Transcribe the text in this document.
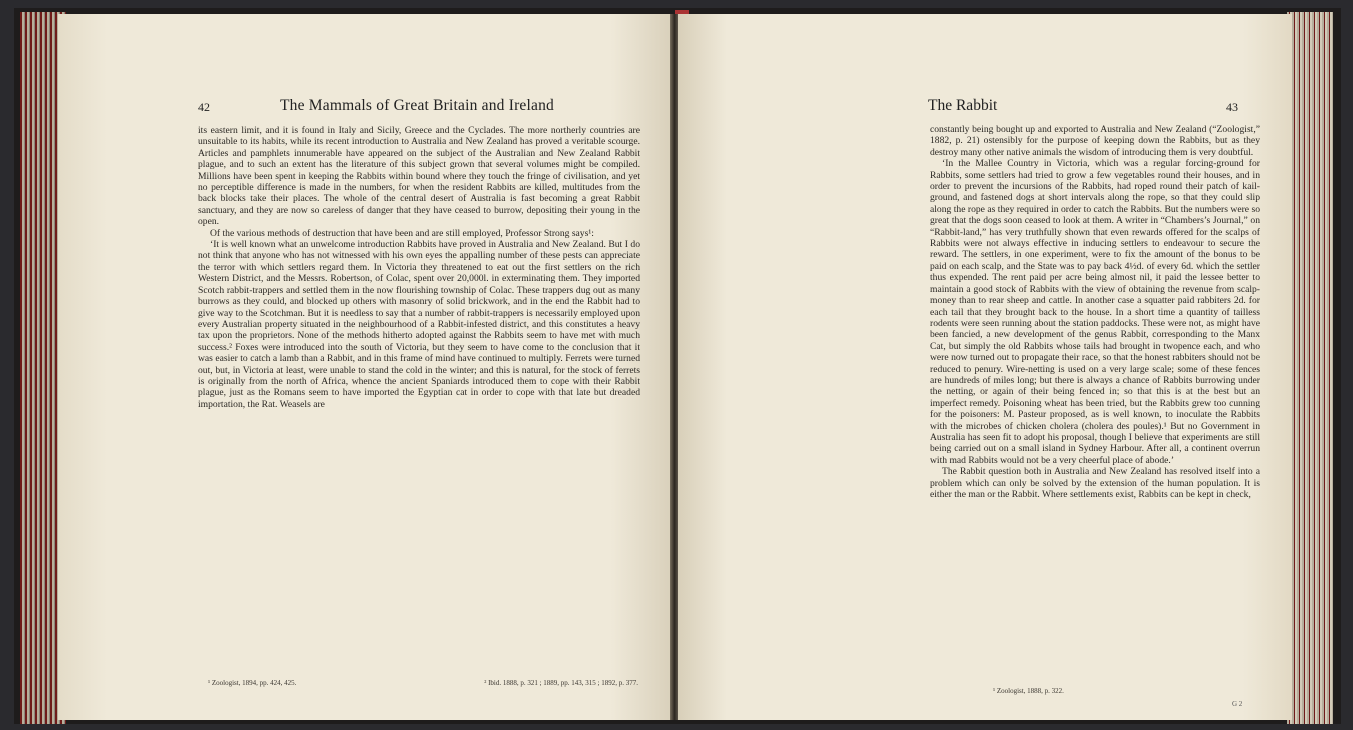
42	The Mammals of Great Britain and Ireland

its eastern limit, and it is found in Italy and Sicily, Greece and the Cyclades. The more northerly countries are unsuitable to its habits, while its recent introduction to Australia and New Zealand has proved a veritable scourge. Articles and pamphlets innumerable have appeared on the subject of the Australian and New Zealand Rabbit plague, and to such an extent has the literature of this subject grown that several volumes might be compiled. Millions have been spent in keeping the Rabbits within bound where they touch the fringe of civilisation, and yet no perceptible difference is made in the numbers, for when the resident Rabbits are killed, multitudes from the back blocks take their places. The whole of the central desert of Australia is fast becoming a great Rabbit sanctuary, and they are now so careless of danger that they have ceased to burrow, depositing their young in the open.

Of the various methods of destruction that have been and are still employed, Professor Strong says¹:

‘It is well known what an unwelcome introduction Rabbits have proved in Australia and New Zealand. But I do not think that anyone who has not witnessed with his own eyes the appalling number of these pests can appreciate the terror with which settlers regard them. In Victoria they threatened to eat out the first settlers on the rich Western District, and the Messrs. Robertson, of Colac, spent over 20,000l. in exterminating them. They imported Scotch rabbit-trappers and settled them in the now flourishing township of Colac. These trappers dug out as many burrows as they could, and blocked up others with masonry of solid brickwork, and in the end the Rabbit had to give way to the Scotchman. But it is needless to say that a number of rabbit-trappers is necessarily employed upon every Australian property situated in the neighbourhood of a Rabbit-infested district, and this constitutes a heavy tax upon the proprietors. None of the methods hitherto adopted against the Rabbits seem to have met with much success.² Foxes were introduced into the south of Victoria, but they seem to have come to the conclusion that it was easier to catch a lamb than a Rabbit, and in this frame of mind have continued to multiply. Ferrets were turned out, but, in Victoria at least, were unable to stand the cold in the winter; and this is natural, for the stock of ferrets is originally from the north of Africa, whence the ancient Spaniards introduced them to cope with their Rabbit plague, just as the Romans seem to have imported the Egyptian cat in order to cope with that late but dreaded importation, the Rat. Weasels are

¹ Zoologist, 1894, pp. 424, 425.	² Ibid. 1888, p. 321 ; 1889, pp. 143, 315 ; 1892, p. 377.
The Rabbit	43

constantly being bought up and exported to Australia and New Zealand (“Zoologist,” 1882, p. 21) ostensibly for the purpose of keeping down the Rabbits, but as they destroy many other native animals the wisdom of introducing them is very doubtful.

‘In the Mallee Country in Victoria, which was a regular forcing-ground for Rabbits, some settlers had tried to grow a few vegetables round their houses, and in order to prevent the incursions of the Rabbits, had roped round their patch of kail-ground, and fastened dogs at short intervals along the rope, so that they could slip along the rope as they required in order to catch the Rabbits. But the numbers were so great that the dogs soon ceased to look at them. A writer in “Chambers’s Journal,” on “Rabbit-land,” has very truthfully shown that even rewards offered for the scalps of Rabbits were not always effective in inducing settlers to endeavour to secure the reward. The settlers, in one experiment, were to fix the amount of the bonus to be paid on each scalp, and the State was to pay back 4½d. of every 6d. which the settler thus expended. The rent paid per acre being almost nil, it paid the lessee better to maintain a good stock of Rabbits with the view of obtaining the revenue from scalp-money than to rear sheep and cattle. In another case a squatter paid rabbiters 2d. for each tail that they brought back to the house. In a short time a quantity of tailless rodents were seen running about the station paddocks. These were not, as might have been fancied, a new development of the genus Rabbit, corresponding to the Manx Cat, but simply the old Rabbits whose tails had brought in twopence each, and who were now turned out to propagate their race, so that the honest rabbiters should not be reduced to penury. Wire-netting is used on a very large scale; some of these fences are hundreds of miles long; but there is always a chance of Rabbits burrowing under the netting, or again of their being fenced in; so that this is at the best but an imperfect remedy. Poisoning wheat has been tried, but the Rabbits grew too cunning for the poisoners: M. Pasteur proposed, as is well known, to inoculate the Rabbits with the microbes of chicken cholera (cholera des poules).¹ But no Government in Australia has seen fit to adopt his proposal, though I believe that experiments are still being carried out on a small island in Sydney Harbour. After all, a continent overrun with mad Rabbits would not be a very cheerful place of abode.’

The Rabbit question both in Australia and New Zealand has resolved itself into a problem which can only be solved by the extension of the human population. It is either the man or the Rabbit. Where settlements exist, Rabbits can be kept in check,

¹ Zoologist, 1888, p. 322.
G 2
